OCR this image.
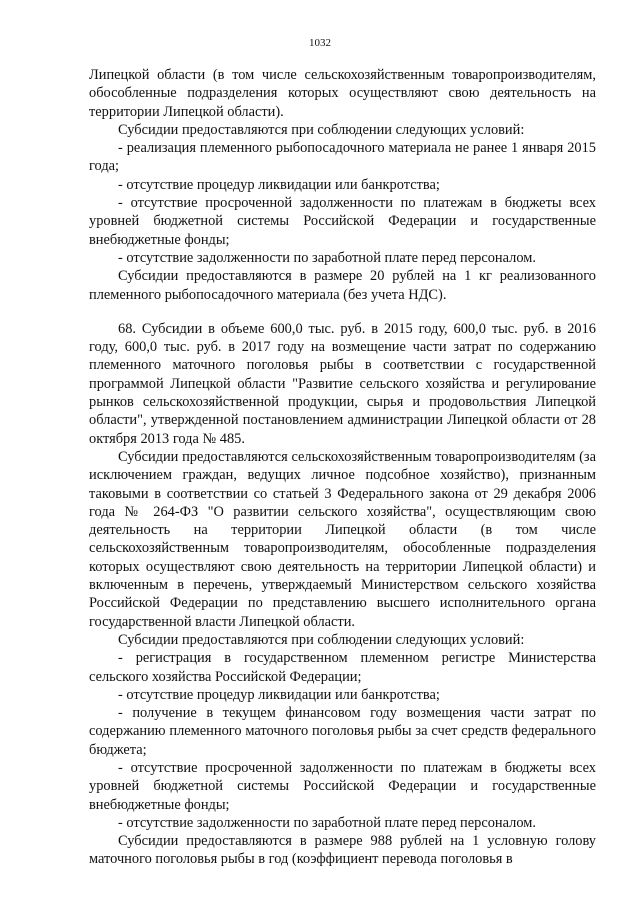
1032

Липецкой области (в том числе сельскохозяйственным товаропроизводителям, обособленные подразделения которых осуществляют свою деятельность на территории Липецкой области).

Субсидии предоставляются при соблюдении следующих условий:

- реализация племенного рыбопосадочного материала не ранее 1 января 2015 года;

- отсутствие процедур ликвидации или банкротства;

- отсутствие просроченной задолженности по платежам в бюджеты всех уровней бюджетной системы Российской Федерации и государственные внебюджетные фонды;

- отсутствие задолженности по заработной плате перед персоналом.

Субсидии предоставляются в размере 20 рублей на 1 кг реализованного племенного рыбопосадочного материала (без учета НДС).

68. Субсидии в объеме 600,0 тыс. руб. в 2015 году, 600,0 тыс. руб. в 2016 году, 600,0 тыс. руб. в 2017 году на возмещение части затрат по содержанию племенного маточного поголовья рыбы в соответствии с государственной программой Липецкой области "Развитие сельского хозяйства и регулирование рынков сельскохозяйственной продукции, сырья и продовольствия Липецкой области", утвержденной постановлением администрации Липецкой области от 28 октября 2013 года № 485.

Субсидии предоставляются сельскохозяйственным товаропроизводителям (за исключением граждан, ведущих личное подсобное хозяйство), признанным таковыми в соответствии со статьей 3 Федерального закона от 29 декабря 2006 года № 264-ФЗ "О развитии сельского хозяйства", осуществляющим свою деятельность на территории Липецкой области (в том числе сельскохозяйственным товаропроизводителям, обособленные подразделения которых осуществляют свою деятельность на территории Липецкой области) и включенным в перечень, утверждаемый Министерством сельского хозяйства Российской Федерации по представлению высшего исполнительного органа государственной власти Липецкой области.

Субсидии предоставляются при соблюдении следующих условий:

- регистрация в государственном племенном регистре Министерства сельского хозяйства Российской Федерации;

- отсутствие процедур ликвидации или банкротства;

- получение в текущем финансовом году возмещения части затрат по содержанию племенного маточного поголовья рыбы за счет средств федерального бюджета;

- отсутствие просроченной задолженности по платежам в бюджеты всех уровней бюджетной системы Российской Федерации и государственные внебюджетные фонды;

- отсутствие задолженности по заработной плате перед персоналом.

Субсидии предоставляются в размере 988 рублей на 1 условную голову маточного поголовья рыбы в год (коэффициент перевода поголовья в
